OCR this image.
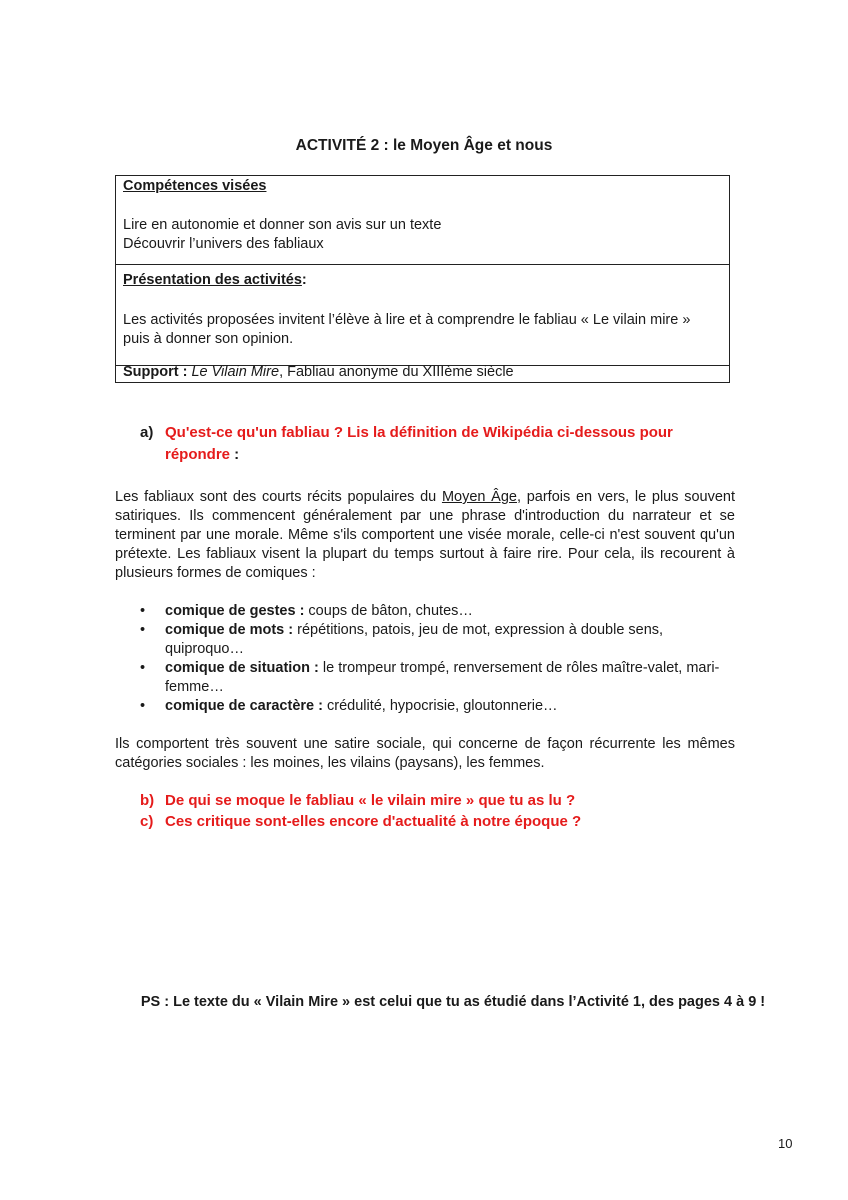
ACTIVITÉ 2 : le Moyen Âge et nous
Compétences visées
Lire en autonomie et donner son avis sur un texte
Découvrir l’univers des fabliaux
Présentation des activités:
Les activités proposées invitent l’élève à lire et à comprendre le fabliau « Le vilain mire » puis à donner son opinion.
Support : Le Vilain Mire, Fabliau anonyme du XIIIème siècle
a) Qu'est-ce qu'un fabliau ? Lis la définition de Wikipédia ci-dessous pour
répondre :
Les fabliaux sont des courts récits populaires du Moyen Âge, parfois en vers, le plus souvent satiriques. Ils commencent généralement par une phrase d'introduction du narrateur et se terminent par une morale. Même s'ils comportent une visée morale, celle-ci n'est souvent qu'un prétexte. Les fabliaux visent la plupart du temps surtout à faire rire. Pour cela, ils recourent à plusieurs formes de comiques :
• comique de gestes : coups de bâton, chutes…
• comique de mots : répétitions, patois, jeu de mot, expression à double sens, quiproquo…
• comique de situation : le trompeur trompé, renversement de rôles maître-valet, mari-femme…
• comique de caractère : crédulité, hypocrisie, gloutonnerie…
Ils comportent très souvent une satire sociale, qui concerne de façon récurrente les mêmes catégories sociales : les moines, les vilains (paysans), les femmes.
b) De qui se moque le fabliau « le vilain mire » que tu as lu ?
c) Ces critique sont-elles encore d'actualité à notre époque ?
PS : Le texte du « Vilain Mire » est celui que tu as étudié dans l’Activité 1, des pages 4 à 9 !
10
